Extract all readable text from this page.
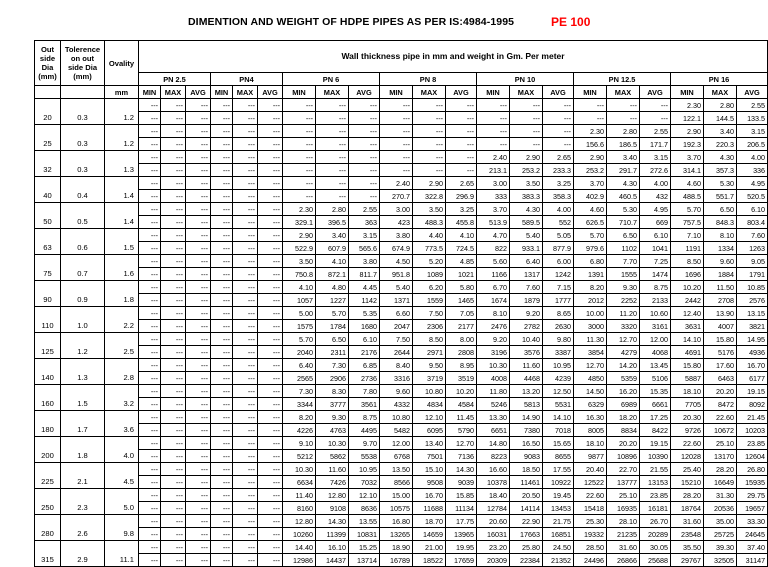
DIMENTION AND WEIGHT OF HDPE PIPES AS PER IS:4984-1995	PE 100
Out side Dia (mm)	Tolerence on out side Dia (mm)	Ovality	Wall thickness pipe in mm and weight in Gm. Per meter																				
			PN 2.5			PN4			PN 6			PN 8			PN 10			PN 12.5			PN 16		
		mm	MIN	MAX	AVG	MIN	MAX	AVG	MIN	MAX	AVG	MIN	MAX	AVG	MIN	MAX	AVG	MIN	MAX	AVG	MIN	MAX	AVG
20	0.3	1.2	---	---	---	---	---	---	---	---	---	---	---	---	---	---	---	---	---	---	2.30	2.80	2.55
			---	---	---	---	---	---	---	---	---	---	---	---	---	---	---	---	---	---	122.1	144.5	133.5
25	0.3	1.2	---	---	---	---	---	---	---	---	---	---	---	---	---	---	---	2.30	2.80	2.55	2.90	3.40	3.15
			---	---	---	---	---	---	---	---	---	---	---	---	---	---	---	156.6	186.5	171.7	192.3	220.3	206.5
32	0.3	1.3	---	---	---	---	---	---	---	---	---	---	---	---	2.40	2.90	2.65	2.90	3.40	3.15	3.70	4.30	4.00
			---	---	---	---	---	---	---	---	---	---	---	---	213.1	253.2	233.3	253.2	291.7	272.6	314.1	357.3	336
40	0.4	1.4	---	---	---	---	---	---	---	---	---	2.40	2.90	2.65	3.00	3.50	3.25	3.70	4.30	4.00	4.60	5.30	4.95
			---	---	---	---	---	---	---	---	---	270.7	322.8	296.9	333	383.3	358.3	402.9	460.5	432	488.5	551.7	520.5
50	0.5	1.4	---	---	---	---	---	---	2.30	2.80	2.55	3.00	3.50	3.25	3.70	4.30	4.00	4.60	5.30	4.95	5.70	6.50	6.10
			---	---	---	---	---	---	329.1	396.5	363	423	488.3	455.8	513.9	589.5	552	626.5	710.7	669	757.5	848.3	803.4
63	0.6	1.5	---	---	---	---	---	---	2.90	3.40	3.15	3.80	4.40	4.10	4.70	5.40	5.05	5.70	6.50	6.10	7.10	8.10	7.60
			---	---	---	---	---	---	522.9	607.9	565.6	674.9	773.5	724.5	822	933.1	877.9	979.6	1102	1041	1191	1334	1263
75	0.7	1.6	---	---	---	---	---	---	3.50	4.10	3.80	4.50	5.20	4.85	5.60	6.40	6.00	6.80	7.70	7.25	8.50	9.60	9.05
			---	---	---	---	---	---	750.8	872.1	811.7	951.8	1089	1021	1166	1317	1242	1391	1555	1474	1696	1884	1791
90	0.9	1.8	---	---	---	---	---	---	4.10	4.80	4.45	5.40	6.20	5.80	6.70	7.60	7.15	8.20	9.30	8.75	10.20	11.50	10.85
			---	---	---	---	---	---	1057	1227	1142	1371	1559	1465	1674	1879	1777	2012	2252	2133	2442	2708	2576
110	1.0	2.2	---	---	---	---	---	---	5.00	5.70	5.35	6.60	7.50	7.05	8.10	9.20	8.65	10.00	11.20	10.60	12.40	13.90	13.15
			---	---	---	---	---	---	1575	1784	1680	2047	2306	2177	2476	2782	2630	3000	3320	3161	3631	4007	3821
125	1.2	2.5	---	---	---	---	---	---	5.70	6.50	6.10	7.50	8.50	8.00	9.20	10.40	9.80	11.30	12.70	12.00	14.10	15.80	14.95
			---	---	---	---	---	---	2040	2311	2176	2644	2971	2808	3196	3576	3387	3854	4279	4068	4691	5176	4936
140	1.3	2.8	---	---	---	---	---	---	6.40	7.30	6.85	8.40	9.50	8.95	10.30	11.60	10.95	12.70	14.20	13.45	15.80	17.60	16.70
			---	---	---	---	---	---	2565	2906	2736	3316	3719	3519	4008	4468	4239	4850	5359	5106	5887	6463	6177
160	1.5	3.2	---	---	---	---	---	---	7.30	8.30	7.80	9.60	10.80	10.20	11.80	13.20	12.50	14.50	16.20	15.35	18.10	20.20	19.15
			---	---	---	---	---	---	3344	3777	3561	4332	4834	4584	5246	5813	5531	6329	6989	6661	7705	8472	8092
180	1.7	3.6	---	---	---	---	---	---	8.20	9.30	8.75	10.80	12.10	11.45	13.30	14.90	14.10	16.30	18.20	17.25	20.30	22.60	21.45
			---	---	---	---	---	---	4226	4763	4495	5482	6095	5790	6651	7380	7018	8005	8834	8422	9726	10672	10203
200	1.8	4.0	---	---	---	---	---	---	9.10	10.30	9.70	12.00	13.40	12.70	14.80	16.50	15.65	18.10	20.20	19.15	22.60	25.10	23.85
			---	---	---	---	---	---	5212	5862	5538	6768	7501	7136	8223	9083	8655	9877	10896	10390	12028	13170	12604
225	2.1	4.5	---	---	---	---	---	---	10.30	11.60	10.95	13.50	15.10	14.30	16.60	18.50	17.55	20.40	22.70	21.55	25.40	28.20	26.80
			---	---	---	---	---	---	6634	7426	7032	8566	9508	9039	10378	11461	10922	12522	13777	13153	15210	16649	15935
250	2.3	5.0	---	---	---	---	---	---	11.40	12.80	12.10	15.00	16.70	15.85	18.40	20.50	19.45	22.60	25.10	23.85	28.20	31.30	29.75
			---	---	---	---	---	---	8160	9108	8636	10575	11688	11134	12784	14114	13453	15418	16935	16181	18764	20536	19657
280	2.6	9.8	---	---	---	---	---	---	12.80	14.30	13.55	16.80	18.70	17.75	20.60	22.90	21.75	25.30	28.10	26.70	31.60	35.00	33.30
			---	---	---	---	---	---	10260	11399	10831	13265	14659	13965	16031	17663	16851	19332	21235	20289	23548	25725	24645
315	2.9	11.1	---	---	---	---	---	---	14.40	16.10	15.25	18.90	21.00	19.95	23.20	25.80	24.50	28.50	31.60	30.05	35.50	39.30	37.40
			---	---	---	---	---	---	12986	14437	13714	16789	18522	17659	20309	22384	21352	24496	26866	25688	29767	32505	31147
